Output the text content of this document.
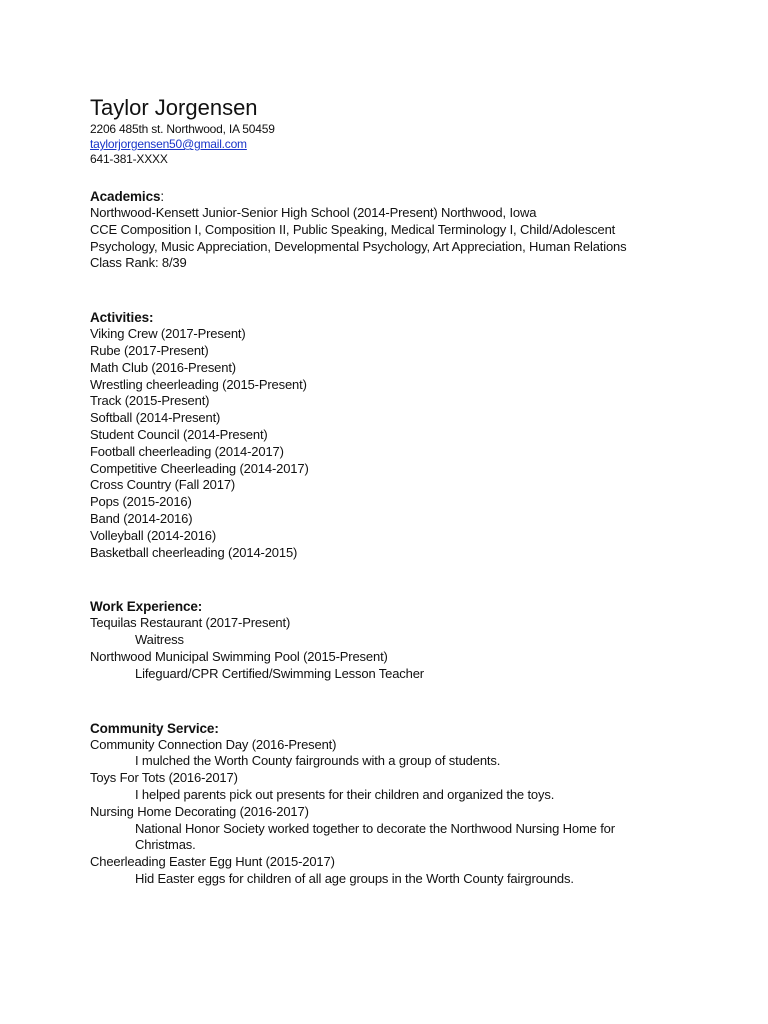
Taylor Jorgensen
2206 485th st. Northwood, IA 50459
taylorjorgensen50@gmail.com
641-381-XXXX
Academics:
Northwood-Kensett Junior-Senior High School (2014-Present) Northwood, Iowa
CCE Composition I, Composition II, Public Speaking, Medical Terminology I, Child/Adolescent
Psychology, Music Appreciation, Developmental Psychology, Art Appreciation, Human Relations
Class Rank: 8/39
Activities:
Viking Crew (2017-Present)
Rube (2017-Present)
Math Club (2016-Present)
Wrestling cheerleading (2015-Present)
Track (2015-Present)
Softball (2014-Present)
Student Council (2014-Present)
Football cheerleading (2014-2017)
Competitive Cheerleading (2014-2017)
Cross Country (Fall 2017)
Pops (2015-2016)
Band (2014-2016)
Volleyball (2014-2016)
Basketball cheerleading (2014-2015)
Work Experience:
Tequilas Restaurant (2017-Present)
Waitress
Northwood Municipal Swimming Pool (2015-Present)
Lifeguard/CPR Certified/Swimming Lesson Teacher
Community Service:
Community Connection Day (2016-Present)
I mulched the Worth County fairgrounds with a group of students.
Toys For Tots (2016-2017)
I helped parents pick out presents for their children and organized the toys.
Nursing Home Decorating (2016-2017)
National Honor Society worked together to decorate the Northwood Nursing Home for Christmas.
Cheerleading Easter Egg Hunt (2015-2017)
Hid Easter eggs for children of all age groups in the Worth County fairgrounds.
